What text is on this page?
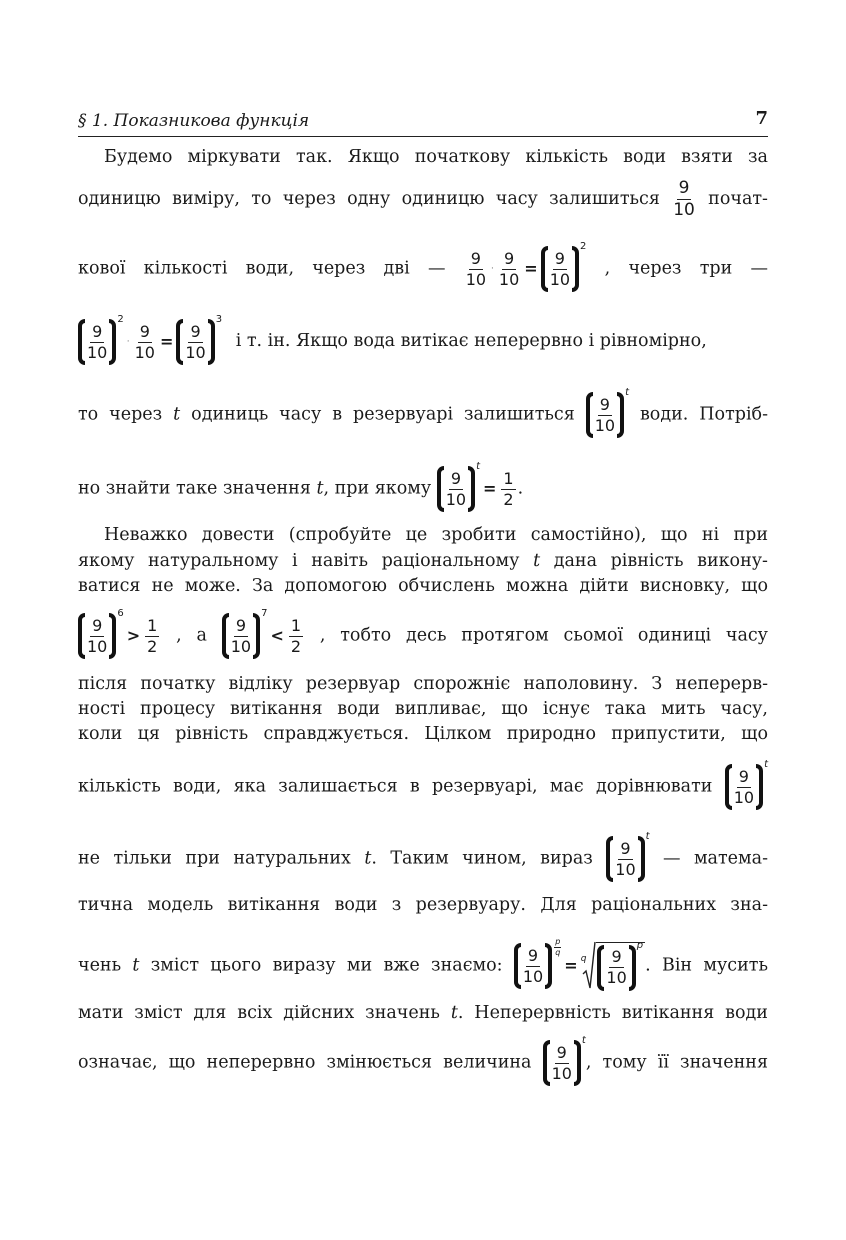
§ 1. Показникова функція	7
Будемо міркувати так. Якщо початкову кількість води взяти за
одиницю виміру, то через одну одиницю часу залишиться $\frac{9}{10}$ почат-
кової кількості води, через дві — $\frac{9}{10} \cdot \frac{9}{10} = \frac{9}{10}$
2
, через три —
$\frac{9}{10}$
2
· $\frac{9}{10} = \frac{9}{10}$
3
і т. ін. Якщо вода витікає неперервно і рівномірно,
то через t одиниць часу в резервуарі залишиться $\frac{9}{10}$
t
води. Потріб-
но знайти таке значення t, при якому $\frac{9}{10}$
t
= $\frac{1}{2}$ .
Неважко довести (спробуйте це зробити самостійно), що ні при
якому натуральному і навіть раціональному t дана рівність викону-
ватися не може. За допомогою обчислень можна дійти висновку, що
$\frac{9}{10}$
6
> $\frac{1}{2}$ , а $\frac{9}{10}$
7
< $\frac{1}{2}$ , тобто десь протягом сьомої одиниці часу
після початку відліку резервуар спорожніє наполовину. З неперерв-
ності процесу витікання води випливає, що існує така мить часу,
коли ця рівність справджується. Цілком природно припустити, що
кількість води, яка залишається в резервуарі, має дорівнювати $\frac{9}{10}$
t
не тільки при натуральних t. Таким чином, вираз $\frac{9}{10}$
t
— матема-
тична модель витікання води з резервуару. Для раціональних зна-
чень t зміст цього виразу ми вже знаємо: $\frac{9}{10}$
p
q
= q $\frac{9}{10}$
p
. Він мусить
мати зміст для всіх дійсних значень t. Неперервність витікання води
означає, що неперервно змінюється величина $\frac{9}{10}$
t
, тому її значення
